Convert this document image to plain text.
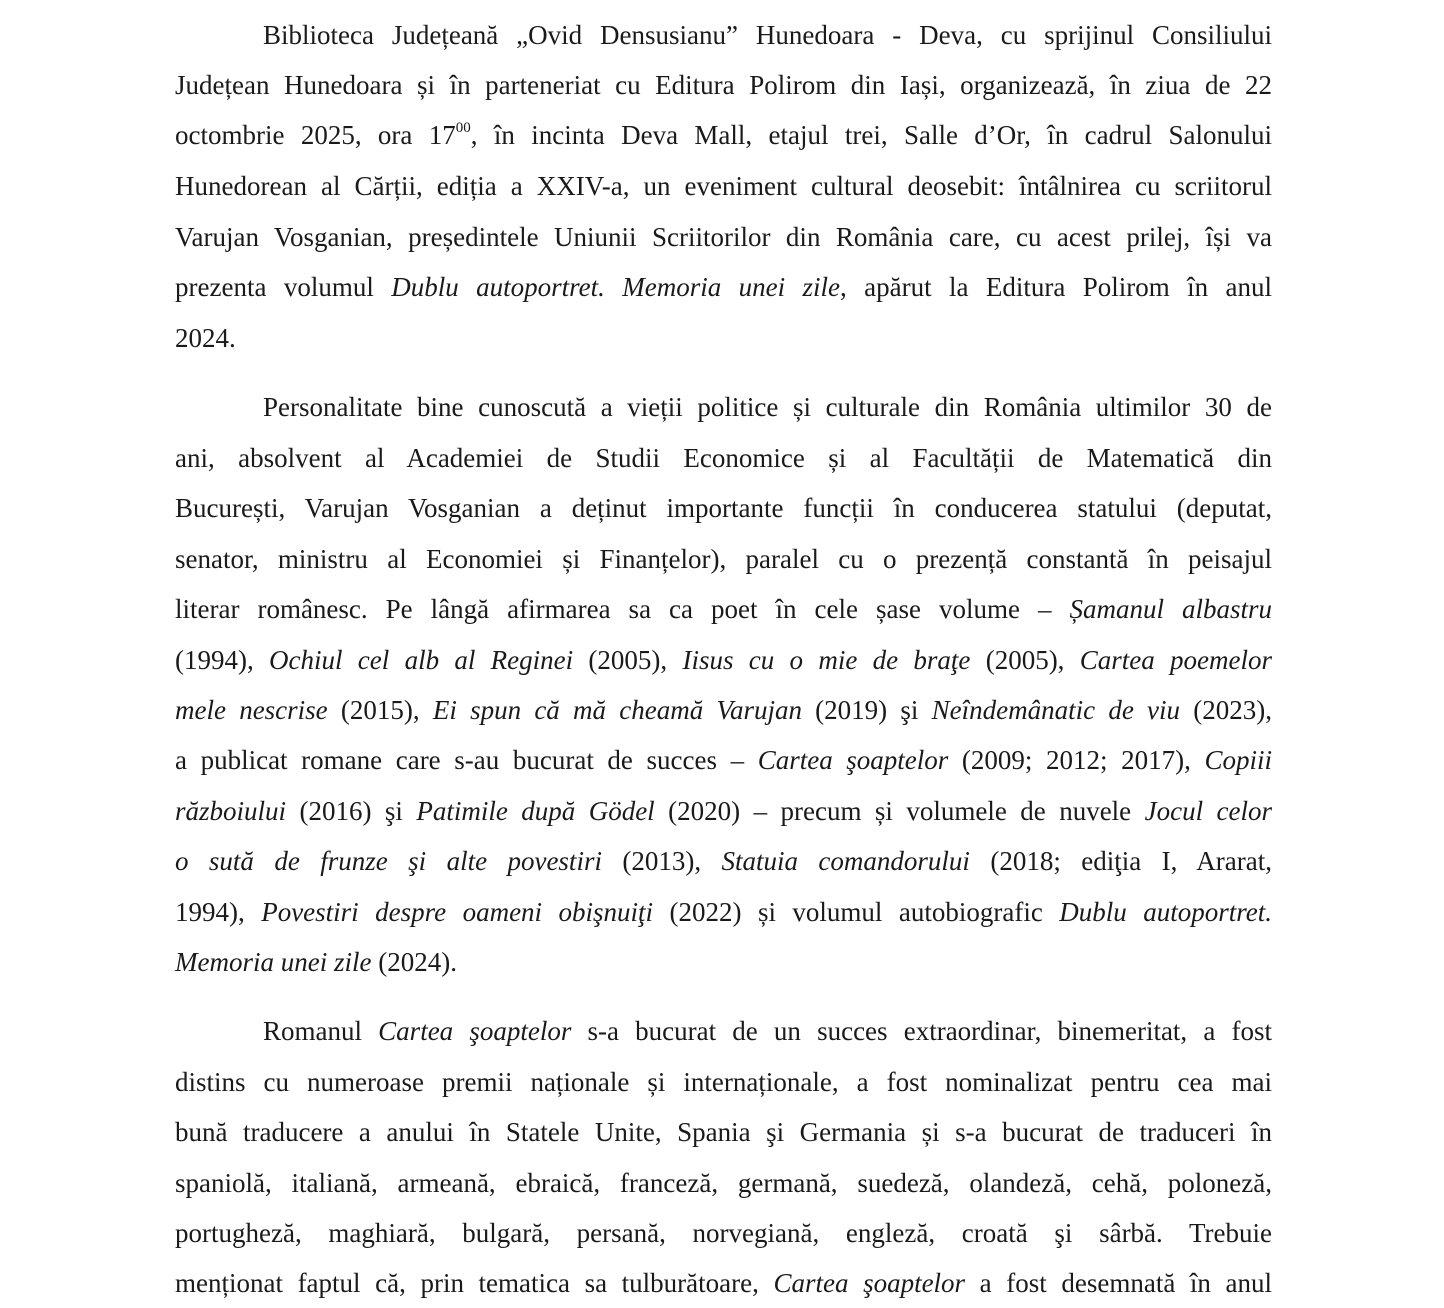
Biblioteca Județeană „Ovid Densusianu” Hunedoara - Deva, cu sprijinul Consiliului
Județean Hunedoara și în parteneriat cu Editura Polirom din Iași, organizează, în ziua de 22
octombrie 2025, ora $17^{00}$, în incinta Deva Mall, etajul trei, Salle d’Or, în cadrul Salonului
Hunedorean al Cărții, ediția a XXIV-a, un eveniment cultural deosebit: întâlnirea cu scriitorul
Varujan Vosganian, președintele Uniunii Scriitorilor din România care, cu acest prilej, își va
prezenta volumul Dublu autoportret. Memoria unei zile, apărut la Editura Polirom în anul
2024.
Personalitate bine cunoscută a vieții politice și culturale din România ultimilor 30 de
ani, absolvent al Academiei de Studii Economice și al Facultății de Matematică din
București, Varujan Vosganian a deținut importante funcții în conducerea statului (deputat,
senator, ministru al Economiei și Finanțelor), paralel cu o prezență constantă în peisajul
literar românesc. Pe lângă afirmarea sa ca poet în cele șase volume – Șamanul albastru
(1994), Ochiul cel alb al Reginei (2005), Iisus cu o mie de braţe (2005), Cartea poemelor
mele nescrise (2015), Ei spun că mă cheamă Varujan (2019) şi Neîndemânatic de viu (2023),
a publicat romane care s-au bucurat de succes – Cartea şoaptelor (2009; 2012; 2017), Copiii
războiului (2016) şi Patimile după Gödel (2020) – precum și volumele de nuvele Jocul celor
o sută de frunze şi alte povestiri (2013), Statuia comandorului (2018; ediţia I, Ararat,
1994), Povestiri despre oameni obişnuiţi (2022) și volumul autobiografic Dublu autoportret.
Memoria unei zile (2024).
Romanul Cartea şoaptelor s-a bucurat de un succes extraordinar, binemeritat, a fost
distins cu numeroase premii naționale și internaționale, a fost nominalizat pentru cea mai
bună traducere a anului în Statele Unite, Spania şi Germania și s-a bucurat de traduceri în
spaniolă, italiană, armeană, ebraică, franceză, germană, suedeză, olandeză, cehă, poloneză,
portugheză, maghiară, bulgară, persană, norvegiană, engleză, croată şi sârbă. Trebuie
menționat faptul că, prin tematica sa tulburătoare, Cartea şoaptelor a fost desemnată în anul
